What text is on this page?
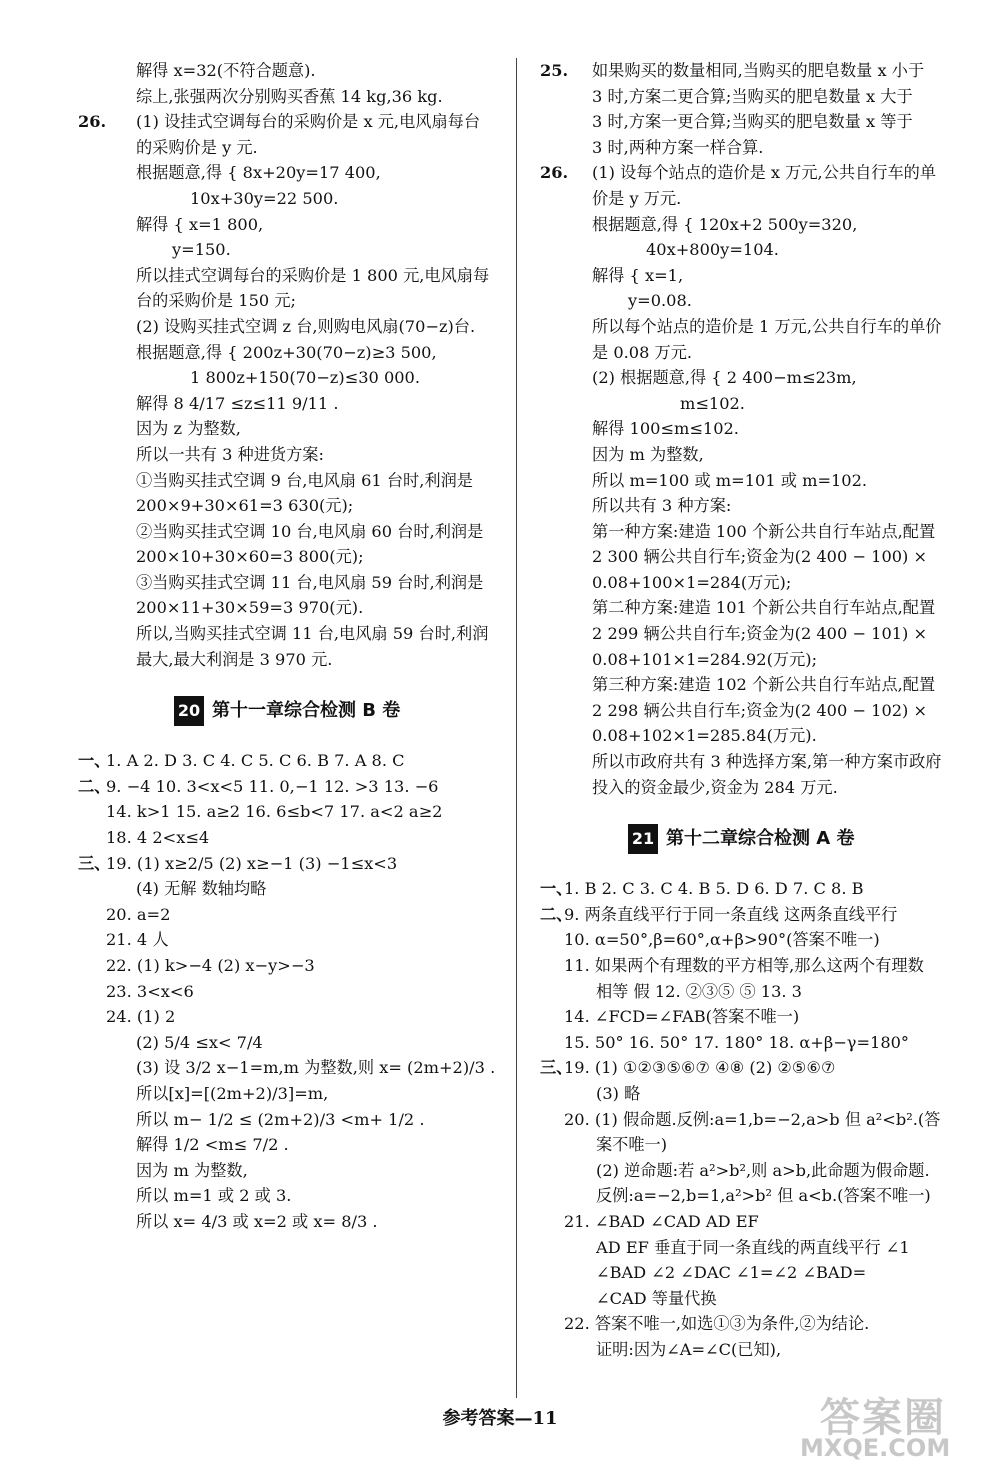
解得 x=32(不符合题意).
综上,张强两次分别购买香蕉 14 kg,36 kg.
26. (1) 设挂式空调每台的采购价是 x 元,电风扇每台
的采购价是 y 元.
根据题意,得 { 8x+20y=17 400,
10x+30y=22 500.
解得 { x=1 800,
y=150.
所以挂式空调每台的采购价是 1 800 元,电风扇每
台的采购价是 150 元;
(2) 设购买挂式空调 z 台,则购电风扇(70−z)台.
根据题意,得 { 200z+30(70−z)≥3 500,
1 800z+150(70−z)≤30 000.
解得 8 4/17 ≤z≤11 9/11 .
因为 z 为整数,
所以一共有 3 种进货方案:
①当购买挂式空调 9 台,电风扇 61 台时,利润是
200×9+30×61=3 630(元);
②当购买挂式空调 10 台,电风扇 60 台时,利润是
200×10+30×60=3 800(元);
③当购买挂式空调 11 台,电风扇 59 台时,利润是
200×11+30×59=3 970(元).
所以,当购买挂式空调 11 台,电风扇 59 台时,利润
最大,最大利润是 3 970 元.
20 第十一章综合检测 B 卷
一、
1. A 2. D 3. C 4. C 5. C 6. B 7. A 8. C
二、
9. −4 10. 3<x<5 11. 0,−1 12. >3 13. −6
14. k>1 15. a≥2 16. 6≤b<7 17. a<2 a≥2
18. 4 2<x≤4
三、
19. (1) x≥2/5 (2) x≥−1 (3) −1≤x<3
(4) 无解 数轴均略
20. a=2
21. 4 人
22. (1) k>−4 (2) x−y>−3
23. 3<x<6
24. (1) 2
(2) 5/4 ≤x< 7/4
(3) 设 3/2 x−1=m,m 为整数,则 x= (2m+2)/3 .
所以[x]=[(2m+2)/3]=m,
所以 m− 1/2 ≤ (2m+2)/3 <m+ 1/2 .
解得 1/2 <m≤ 7/2 .
因为 m 为整数,
所以 m=1 或 2 或 3.
所以 x= 4/3 或 x=2 或 x= 8/3 .
25. 如果购买的数量相同,当购买的肥皂数量 x 小于
3 时,方案二更合算;当购买的肥皂数量 x 大于
3 时,方案一更合算;当购买的肥皂数量 x 等于
3 时,两种方案一样合算.
26. (1) 设每个站点的造价是 x 万元,公共自行车的单
价是 y 万元.
根据题意,得 { 120x+2 500y=320,
40x+800y=104.
解得 { x=1,
y=0.08.
所以每个站点的造价是 1 万元,公共自行车的单价
是 0.08 万元.
(2) 根据题意,得 { 2 400−m≤23m,
m≤102.
解得 100≤m≤102.
因为 m 为整数,
所以 m=100 或 m=101 或 m=102.
所以共有 3 种方案:
第一种方案:建造 100 个新公共自行车站点,配置
2 300 辆公共自行车;资金为(2 400 − 100) ×
0.08+100×1=284(万元);
第二种方案:建造 101 个新公共自行车站点,配置
2 299 辆公共自行车;资金为(2 400 − 101) ×
0.08+101×1=284.92(万元);
第三种方案:建造 102 个新公共自行车站点,配置
2 298 辆公共自行车;资金为(2 400 − 102) ×
0.08+102×1=285.84(万元).
所以市政府共有 3 种选择方案,第一种方案市政府
投入的资金最少,资金为 284 万元.
21 第十二章综合检测 A 卷
一、
1. B 2. C 3. C 4. B 5. D 6. D 7. C 8. B
二、
9. 两条直线平行于同一条直线 这两条直线平行
10. α=50°,β=60°,α+β>90°(答案不唯一)
11. 如果两个有理数的平方相等,那么这两个有理数
相等 假 12. ②③⑤ ⑤ 13. 3
14. ∠FCD=∠FAB(答案不唯一)
15. 50° 16. 50° 17. 180° 18. α+β−γ=180°
三、
19. (1) ①②③⑤⑥⑦ ④⑧ (2) ②⑤⑥⑦
(3) 略
20. (1) 假命题.反例:a=1,b=−2,a>b 但 a²<b².(答
案不唯一)
(2) 逆命题:若 a²>b²,则 a>b,此命题为假命题.
反例:a=−2,b=1,a²>b² 但 a<b.(答案不唯一)
21. ∠BAD ∠CAD AD EF
AD EF 垂直于同一条直线的两直线平行 ∠1
∠BAD ∠2 ∠DAC ∠1=∠2 ∠BAD=
∠CAD 等量代换
22. 答案不唯一,如选①③为条件,②为结论.
证明:因为∠A=∠C(已知),
参考答案—11	答案圈
MXQE.COM
